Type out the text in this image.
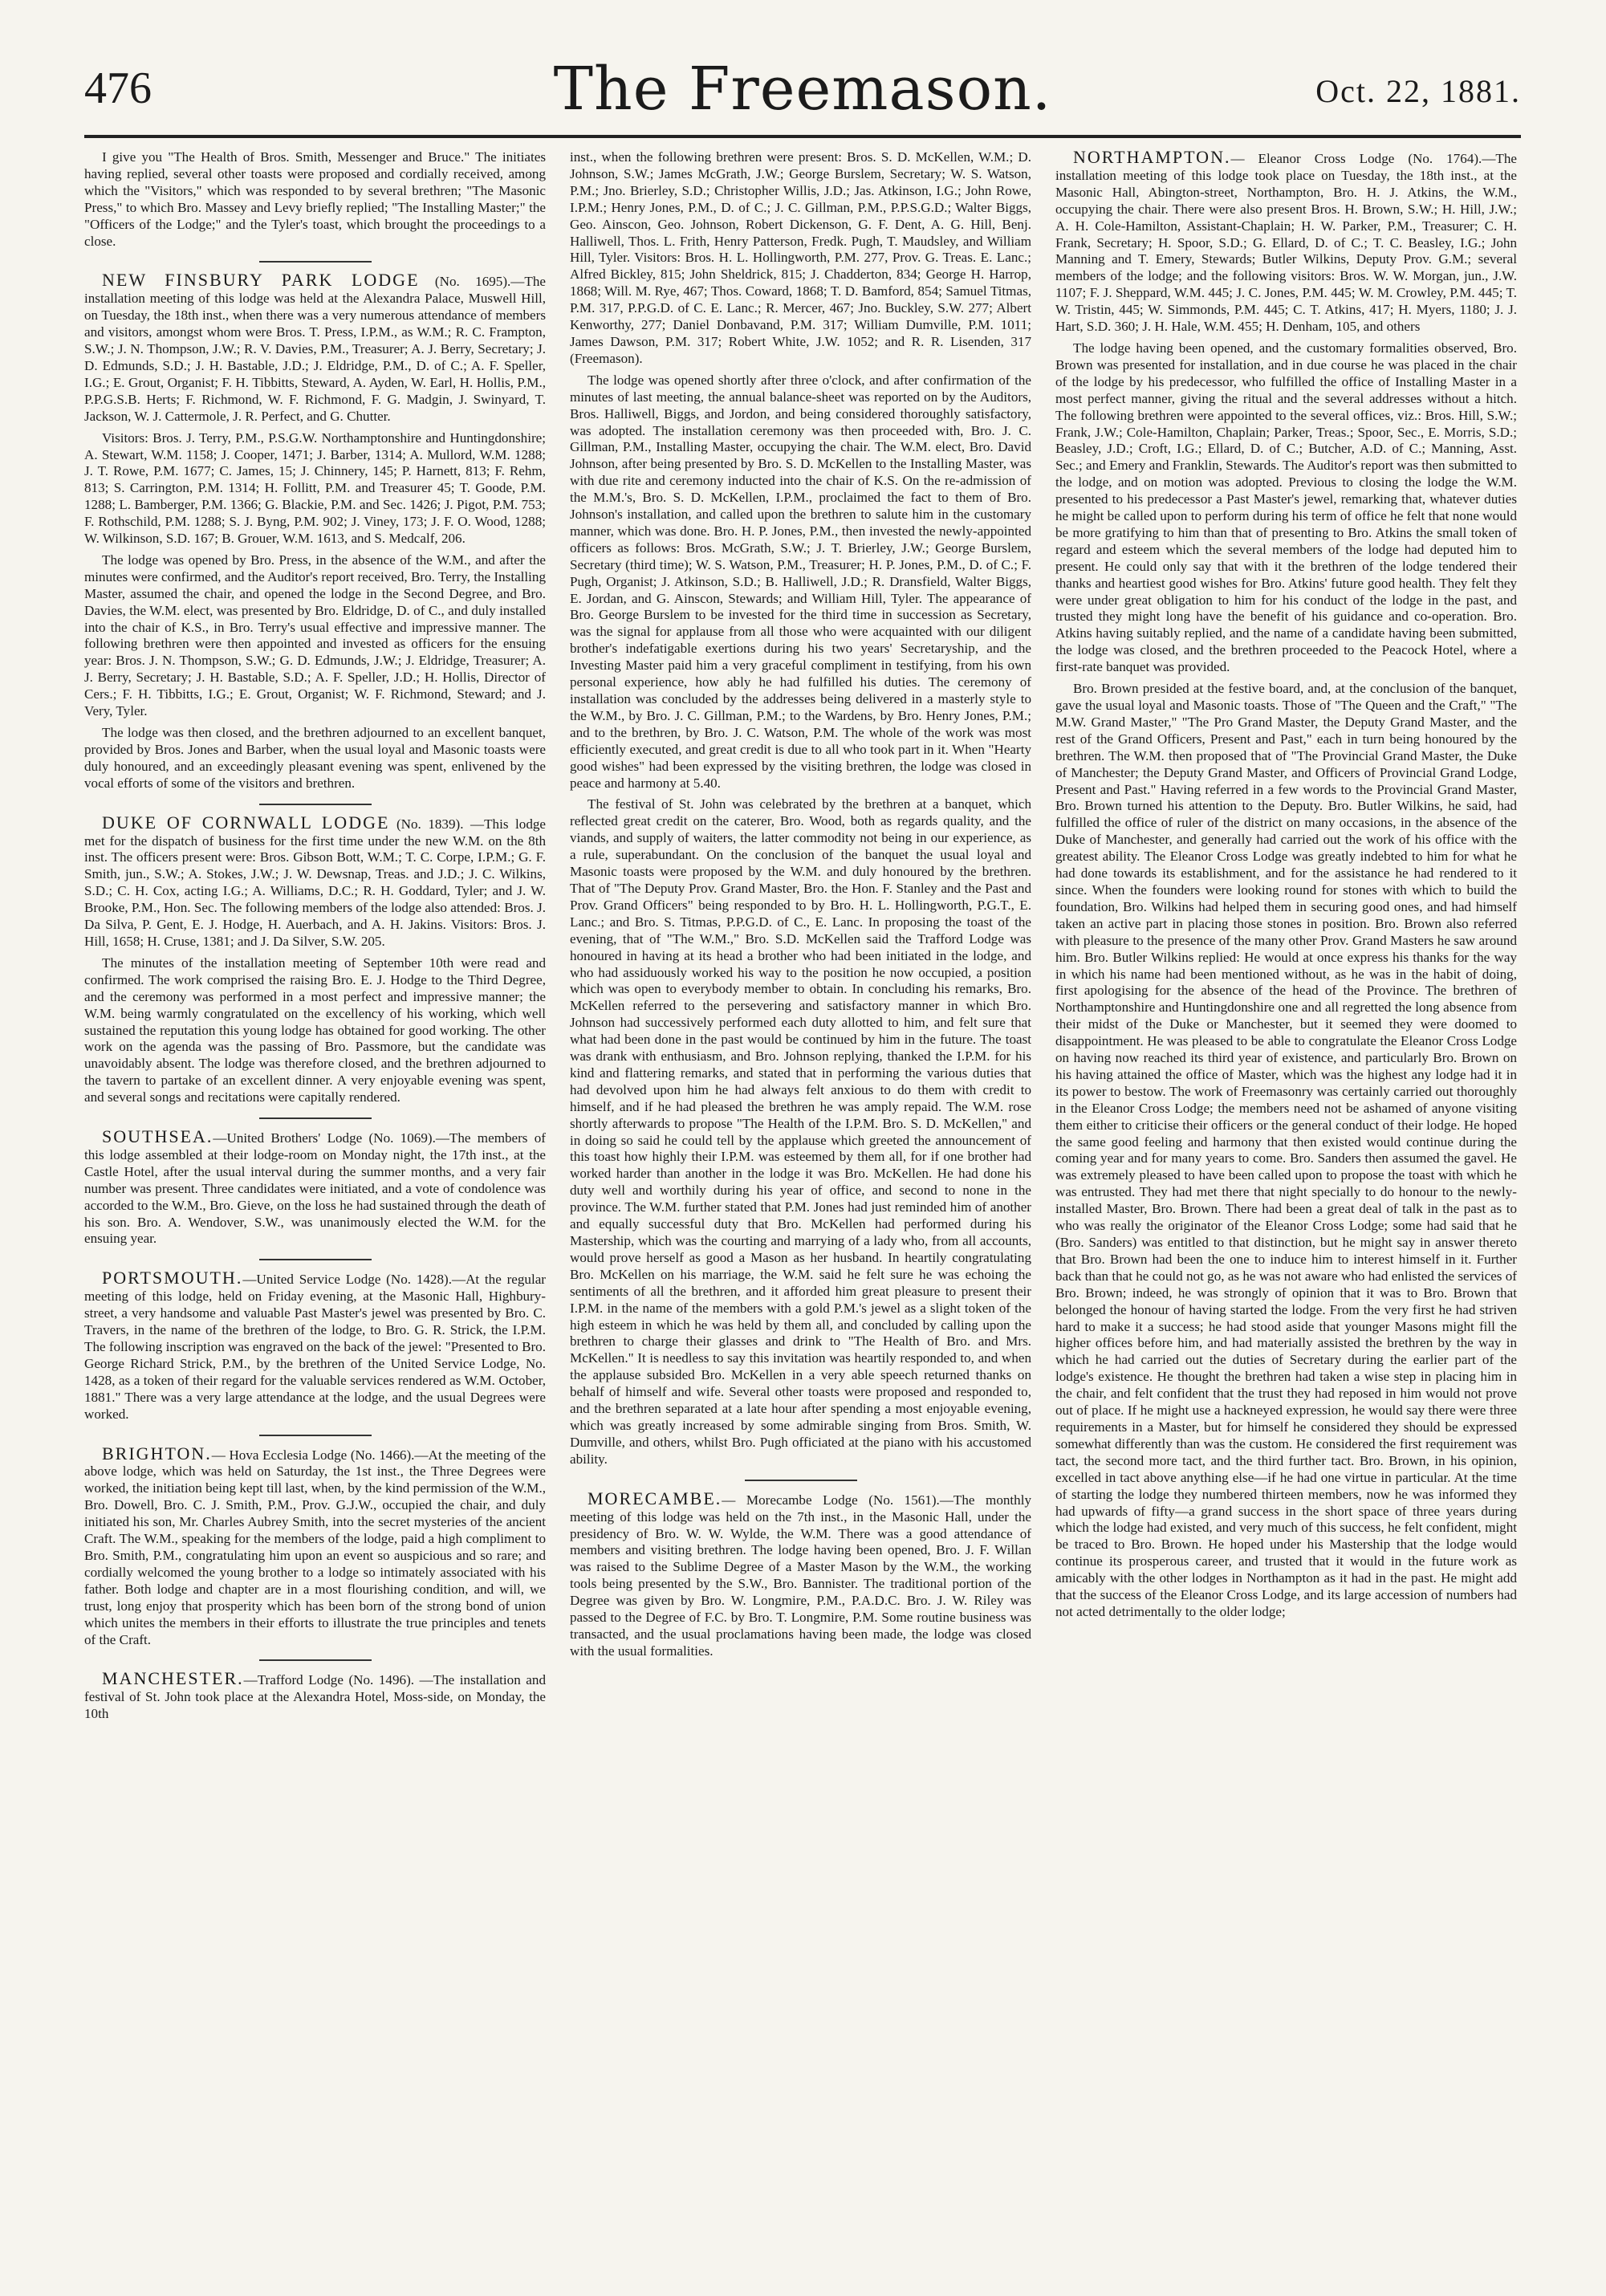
476	The Freemason.	Oct. 22, 1881.

I give you "The Health of Bros. Smith, Messenger and Bruce." The initiates having replied, several other toasts were proposed and cordially received, among which the "Visitors," which was responded to by several brethren; "The Masonic Press," to which Bro. Massey and Levy briefly replied; "The Installing Master;" the "Officers of the Lodge;" and the Tyler's toast, which brought the proceedings to a close.

NEW FINSBURY PARK LODGE (No. 1695).—The installation meeting of this lodge was held at the Alexandra Palace, Muswell Hill, on Tuesday, the 18th inst., when there was a very numerous attendance of members and visitors, amongst whom were Bros. T. Press, I.P.M., as W.M.; R. C. Frampton, S.W.; J. N. Thompson, J.W.; R. V. Davies, P.M., Treasurer; A. J. Berry, Secretary; J. D. Edmunds, S.D.; J. H. Bastable, J.D.; J. Eldridge, P.M., D. of C.; A. F. Speller, I.G.; E. Grout, Organist; F. H. Tibbitts, Steward, A. Ayden, W. Earl, H. Hollis, P.M., P.P.G.S.B. Herts; F. Richmond, W. F. Richmond, F. G. Madgin, J. Swinyard, T. Jackson, W. J. Cattermole, J. R. Perfect, and G. Chutter.

Visitors: Bros. J. Terry, P.M., P.S.G.W. Northamptonshire and Huntingdonshire; A. Stewart, W.M. 1158; J. Cooper, 1471; J. Barber, 1314; A. Mullord, W.M. 1288; J. T. Rowe, P.M. 1677; C. James, 15; J. Chinnery, 145; P. Harnett, 813; F. Rehm, 813; S. Carrington, P.M. 1314; H. Follitt, P.M. and Treasurer 45; T. Goode, P.M. 1288; L. Bamberger, P.M. 1366; G. Blackie, P.M. and Sec. 1426; J. Pigot, P.M. 753; F. Rothschild, P.M. 1288; S. J. Byng, P.M. 902; J. Viney, 173; J. F. O. Wood, 1288; W. Wilkinson, S.D. 167; B. Grouer, W.M. 1613, and S. Medcalf, 206.

The lodge was opened by Bro. Press, in the absence of the W.M., and after the minutes were confirmed, and the Auditor's report received, Bro. Terry, the Installing Master, assumed the chair, and opened the lodge in the Second Degree, and Bro. Davies, the W.M. elect, was presented by Bro. Eldridge, D. of C., and duly installed into the chair of K.S., in Bro. Terry's usual effective and impressive manner. The following brethren were then appointed and invested as officers for the ensuing year: Bros. J. N. Thompson, S.W.; G. D. Edmunds, J.W.; J. Eldridge, Treasurer; A. J. Berry, Secretary; J. H. Bastable, S.D.; A. F. Speller, J.D.; H. Hollis, Director of Cers.; F. H. Tibbitts, I.G.; E. Grout, Organist; W. F. Richmond, Steward; and J. Very, Tyler.

The lodge was then closed, and the brethren adjourned to an excellent banquet, provided by Bros. Jones and Barber, when the usual loyal and Masonic toasts were duly honoured, and an exceedingly pleasant evening was spent, enlivened by the vocal efforts of some of the visitors and brethren.

DUKE OF CORNWALL LODGE (No. 1839). —This lodge met for the dispatch of business for the first time under the new W.M. on the 8th inst. The officers present were: Bros. Gibson Bott, W.M.; T. C. Corpe, I.P.M.; G. F. Smith, jun., S.W.; A. Stokes, J.W.; J. W. Dewsnap, Treas. and J.D.; J. C. Wilkins, S.D.; C. H. Cox, acting I.G.; A. Williams, D.C.; R. H. Goddard, Tyler; and J. W. Brooke, P.M., Hon. Sec. The following members of the lodge also attended: Bros. J. Da Silva, P. Gent, E. J. Hodge, H. Auerbach, and A. H. Jakins. Visitors: Bros. J. Hill, 1658; H. Cruse, 1381; and J. Da Silver, S.W. 205.

The minutes of the installation meeting of September 10th were read and confirmed. The work comprised the raising Bro. E. J. Hodge to the Third Degree, and the ceremony was performed in a most perfect and impressive manner; the W.M. being warmly congratulated on the excellency of his working, which well sustained the reputation this young lodge has obtained for good working. The other work on the agenda was the passing of Bro. Passmore, but the candidate was unavoidably absent. The lodge was therefore closed, and the brethren adjourned to the tavern to partake of an excellent dinner. A very enjoyable evening was spent, and several songs and recitations were capitally rendered.

SOUTHSEA.—United Brothers' Lodge (No. 1069).—The members of this lodge assembled at their lodge-room on Monday night, the 17th inst., at the Castle Hotel, after the usual interval during the summer months, and a very fair number was present. Three candidates were initiated, and a vote of condolence was accorded to the W.M., Bro. Gieve, on the loss he had sustained through the death of his son. Bro. A. Wendover, S.W., was unanimously elected the W.M. for the ensuing year.

PORTSMOUTH.—United Service Lodge (No. 1428).—At the regular meeting of this lodge, held on Friday evening, at the Masonic Hall, Highbury-street, a very handsome and valuable Past Master's jewel was presented by Bro. C. Travers, in the name of the brethren of the lodge, to Bro. G. R. Strick, the I.P.M. The following inscription was engraved on the back of the jewel: "Presented to Bro. George Richard Strick, P.M., by the brethren of the United Service Lodge, No. 1428, as a token of their regard for the valuable services rendered as W.M. October, 1881." There was a very large attendance at the lodge, and the usual Degrees were worked.

BRIGHTON.— Hova Ecclesia Lodge (No. 1466).—At the meeting of the above lodge, which was held on Saturday, the 1st inst., the Three Degrees were worked, the initiation being kept till last, when, by the kind permission of the W.M., Bro. Dowell, Bro. C. J. Smith, P.M., Prov. G.J.W., occupied the chair, and duly initiated his son, Mr. Charles Aubrey Smith, into the secret mysteries of the ancient Craft. The W.M., speaking for the members of the lodge, paid a high compliment to Bro. Smith, P.M., congratulating him upon an event so auspicious and so rare; and cordially welcomed the young brother to a lodge so intimately associated with his father. Both lodge and chapter are in a most flourishing condition, and will, we trust, long enjoy that prosperity which has been born of the strong bond of union which unites the members in their efforts to illustrate the true principles and tenets of the Craft.

MANCHESTER.—Trafford Lodge (No. 1496). —The installation and festival of St. John took place at the Alexandra Hotel, Moss-side, on Monday, the 10th

inst., when the following brethren were present: Bros. S. D. McKellen, W.M.; D. Johnson, S.W.; James McGrath, J.W.; George Burslem, Secretary; W. S. Watson, P.M.; Jno. Brierley, S.D.; Christopher Willis, J.D.; Jas. Atkinson, I.G.; John Rowe, I.P.M.; Henry Jones, P.M., D. of C.; J. C. Gillman, P.M., P.P.S.G.D.; Walter Biggs, Geo. Ainscon, Geo. Johnson, Robert Dickenson, G. F. Dent, A. G. Hill, Benj. Halliwell, Thos. L. Frith, Henry Patterson, Fredk. Pugh, T. Maudsley, and William Hill, Tyler. Visitors: Bros. H. L. Hollingworth, P.M. 277, Prov. G. Treas. E. Lanc.; Alfred Bickley, 815; John Sheldrick, 815; J. Chadderton, 834; George H. Harrop, 1868; Will. M. Rye, 467; Thos. Coward, 1868; T. D. Bamford, 854; Samuel Titmas, P.M. 317, P.P.G.D. of C. E. Lanc.; R. Mercer, 467; Jno. Buckley, S.W. 277; Albert Kenworthy, 277; Daniel Donbavand, P.M. 317; William Dumville, P.M. 1011; James Dawson, P.M. 317; Robert White, J.W. 1052; and R. R. Lisenden, 317 (Freemason).

The lodge was opened shortly after three o'clock, and after confirmation of the minutes of last meeting, the annual balance-sheet was reported on by the Auditors, Bros. Halliwell, Biggs, and Jordon, and being considered thoroughly satisfactory, was adopted. The installation ceremony was then proceeded with, Bro. J. C. Gillman, P.M., Installing Master, occupying the chair. The W.M. elect, Bro. David Johnson, after being presented by Bro. S. D. McKellen to the Installing Master, was with due rite and ceremony inducted into the chair of K.S. On the re-admission of the M.M.'s, Bro. S. D. McKellen, I.P.M., proclaimed the fact to them of Bro. Johnson's installation, and called upon the brethren to salute him in the customary manner, which was done. Bro. H. P. Jones, P.M., then invested the newly-appointed officers as follows: Bros. McGrath, S.W.; J. T. Brierley, J.W.; George Burslem, Secretary (third time); W. S. Watson, P.M., Treasurer; H. P. Jones, P.M., D. of C.; F. Pugh, Organist; J. Atkinson, S.D.; B. Halliwell, J.D.; R. Dransfield, Walter Biggs, E. Jordan, and G. Ainscon, Stewards; and William Hill, Tyler. The appearance of Bro. George Burslem to be invested for the third time in succession as Secretary, was the signal for applause from all those who were acquainted with our diligent brother's indefatigable exertions during his two years' Secretaryship, and the Investing Master paid him a very graceful compliment in testifying, from his own personal experience, how ably he had fulfilled his duties. The ceremony of installation was concluded by the addresses being delivered in a masterly style to the W.M., by Bro. J. C. Gillman, P.M.; to the Wardens, by Bro. Henry Jones, P.M.; and to the brethren, by Bro. J. C. Watson, P.M. The whole of the work was most efficiently executed, and great credit is due to all who took part in it. When "Hearty good wishes" had been expressed by the visiting brethren, the lodge was closed in peace and harmony at 5.40.

The festival of St. John was celebrated by the brethren at a banquet, which reflected great credit on the caterer, Bro. Wood, both as regards quality, and the viands, and supply of waiters, the latter commodity not being in our experience, as a rule, superabundant. On the conclusion of the banquet the usual loyal and Masonic toasts were proposed by the W.M. and duly honoured by the brethren. That of "The Deputy Prov. Grand Master, Bro. the Hon. F. Stanley and the Past and Prov. Grand Officers" being responded to by Bro. H. L. Hollingworth, P.G.T., E. Lanc.; and Bro. S. Titmas, P.P.G.D. of C., E. Lanc. In proposing the toast of the evening, that of "The W.M.," Bro. S.D. McKellen said the Trafford Lodge was honoured in having at its head a brother who had been initiated in the lodge, and who had assiduously worked his way to the position he now occupied, a position which was open to everybody member to obtain. In concluding his remarks, Bro. McKellen referred to the persevering and satisfactory manner in which Bro. Johnson had successively performed each duty allotted to him, and felt sure that what had been done in the past would be continued by him in the future. The toast was drank with enthusiasm, and Bro. Johnson replying, thanked the I.P.M. for his kind and flattering remarks, and stated that in performing the various duties that had devolved upon him he had always felt anxious to do them with credit to himself, and if he had pleased the brethren he was amply repaid. The W.M. rose shortly afterwards to propose "The Health of the I.P.M. Bro. S. D. McKellen," and in doing so said he could tell by the applause which greeted the announcement of this toast how highly their I.P.M. was esteemed by them all, for if one brother had worked harder than another in the lodge it was Bro. McKellen. He had done his duty well and worthily during his year of office, and second to none in the province. The W.M. further stated that P.M. Jones had just reminded him of another and equally successful duty that Bro. McKellen had performed during his Mastership, which was the courting and marrying of a lady who, from all accounts, would prove herself as good a Mason as her husband. In heartily congratulating Bro. McKellen on his marriage, the W.M. said he felt sure he was echoing the sentiments of all the brethren, and it afforded him great pleasure to present their I.P.M. in the name of the members with a gold P.M.'s jewel as a slight token of the high esteem in which he was held by them all, and concluded by calling upon the brethren to charge their glasses and drink to "The Health of Bro. and Mrs. McKellen." It is needless to say this invitation was heartily responded to, and when the applause subsided Bro. McKellen in a very able speech returned thanks on behalf of himself and wife. Several other toasts were proposed and responded to, and the brethren separated at a late hour after spending a most enjoyable evening, which was greatly increased by some admirable singing from Bros. Smith, W. Dumville, and others, whilst Bro. Pugh officiated at the piano with his accustomed ability.

MORECAMBE.— Morecambe Lodge (No. 1561).—The monthly meeting of this lodge was held on the 7th inst., in the Masonic Hall, under the presidency of Bro. W. W. Wylde, the W.M. There was a good attendance of members and visiting brethren. The lodge having been opened, Bro. J. F. Willan was raised to the Sublime Degree of a Master Mason by the W.M., the working tools being presented by the S.W., Bro. Bannister. The traditional portion of the Degree was given by Bro. W. Longmire, P.M., P.A.D.C. Bro. J. W. Riley was passed to the Degree of F.C. by Bro. T. Longmire, P.M. Some routine business was transacted, and the usual proclamations having been made, the lodge was closed with the usual formalities.

NORTHAMPTON.— Eleanor Cross Lodge (No. 1764).—The installation meeting of this lodge took place on Tuesday, the 18th inst., at the Masonic Hall, Abington-street, Northampton, Bro. H. J. Atkins, the W.M., occupying the chair. There were also present Bros. H. Brown, S.W.; H. Hill, J.W.; A. H. Cole-Hamilton, Assistant-Chaplain; H. W. Parker, P.M., Treasurer; C. H. Frank, Secretary; H. Spoor, S.D.; G. Ellard, D. of C.; T. C. Beasley, I.G.; John Manning and T. Emery, Stewards; Butler Wilkins, Deputy Prov. G.M.; several members of the lodge; and the following visitors: Bros. W. W. Morgan, jun., J.W. 1107; F. J. Sheppard, W.M. 445; J. C. Jones, P.M. 445; W. M. Crowley, P.M. 445; T. W. Tristin, 445; W. Simmonds, P.M. 445; C. T. Atkins, 417; H. Myers, 1180; J. J. Hart, S.D. 360; J. H. Hale, W.M. 455; H. Denham, 105, and others

The lodge having been opened, and the customary formalities observed, Bro. Brown was presented for installation, and in due course he was placed in the chair of the lodge by his predecessor, who fulfilled the office of Installing Master in a most perfect manner, giving the ritual and the several addresses without a hitch. The following brethren were appointed to the several offices, viz.: Bros. Hill, S.W.; Frank, J.W.; Cole-Hamilton, Chaplain; Parker, Treas.; Spoor, Sec., E. Morris, S.D.; Beasley, J.D.; Croft, I.G.; Ellard, D. of C.; Butcher, A.D. of C.; Manning, Asst. Sec.; and Emery and Franklin, Stewards. The Auditor's report was then submitted to the lodge, and on motion was adopted. Previous to closing the lodge the W.M. presented to his predecessor a Past Master's jewel, remarking that, whatever duties he might be called upon to perform during his term of office he felt that none would be more gratifying to him than that of presenting to Bro. Atkins the small token of regard and esteem which the several members of the lodge had deputed him to present. He could only say that with it the brethren of the lodge tendered their thanks and heartiest good wishes for Bro. Atkins' future good health. They felt they were under great obligation to him for his conduct of the lodge in the past, and trusted they might long have the benefit of his guidance and co-operation. Bro. Atkins having suitably replied, and the name of a candidate having been submitted, the lodge was closed, and the brethren proceeded to the Peacock Hotel, where a first-rate banquet was provided.

Bro. Brown presided at the festive board, and, at the conclusion of the banquet, gave the usual loyal and Masonic toasts. Those of "The Queen and the Craft," "The M.W. Grand Master," "The Pro Grand Master, the Deputy Grand Master, and the rest of the Grand Officers, Present and Past," each in turn being honoured by the brethren. The W.M. then proposed that of "The Provincial Grand Master, the Duke of Manchester; the Deputy Grand Master, and Officers of Provincial Grand Lodge, Present and Past." Having referred in a few words to the Provincial Grand Master, Bro. Brown turned his attention to the Deputy. Bro. Butler Wilkins, he said, had fulfilled the office of ruler of the district on many occasions, in the absence of the Duke of Manchester, and generally had carried out the work of his office with the greatest ability. The Eleanor Cross Lodge was greatly indebted to him for what he had done towards its establishment, and for the assistance he had rendered to it since. When the founders were looking round for stones with which to build the foundation, Bro. Wilkins had helped them in securing good ones, and had himself taken an active part in placing those stones in position. Bro. Brown also referred with pleasure to the presence of the many other Prov. Grand Masters he saw around him. Bro. Butler Wilkins replied: He would at once express his thanks for the way in which his name had been mentioned without, as he was in the habit of doing, first apologising for the absence of the head of the Province. The brethren of Northamptonshire and Huntingdonshire one and all regretted the long absence from their midst of the Duke or Manchester, but it seemed they were doomed to disappointment. He was pleased to be able to congratulate the Eleanor Cross Lodge on having now reached its third year of existence, and particularly Bro. Brown on his having attained the office of Master, which was the highest any lodge had it in its power to bestow. The work of Freemasonry was certainly carried out thoroughly in the Eleanor Cross Lodge; the members need not be ashamed of anyone visiting them either to criticise their officers or the general conduct of their lodge. He hoped the same good feeling and harmony that then existed would continue during the coming year and for many years to come. Bro. Sanders then assumed the gavel. He was extremely pleased to have been called upon to propose the toast with which he was entrusted. They had met there that night specially to do honour to the newly-installed Master, Bro. Brown. There had been a great deal of talk in the past as to who was really the originator of the Eleanor Cross Lodge; some had said that he (Bro. Sanders) was entitled to that distinction, but he might say in answer thereto that Bro. Brown had been the one to induce him to interest himself in it. Further back than that he could not go, as he was not aware who had enlisted the services of Bro. Brown; indeed, he was strongly of opinion that it was to Bro. Brown that belonged the honour of having started the lodge. From the very first he had striven hard to make it a success; he had stood aside that younger Masons might fill the higher offices before him, and had materially assisted the brethren by the way in which he had carried out the duties of Secretary during the earlier part of the lodge's existence. He thought the brethren had taken a wise step in placing him in the chair, and felt confident that the trust they had reposed in him would not prove out of place. If he might use a hackneyed expression, he would say there were three requirements in a Master, but for himself he considered they should be expressed somewhat differently than was the custom. He considered the first requirement was tact, the second more tact, and the third further tact. Bro. Brown, in his opinion, excelled in tact above anything else—if he had one virtue in particular. At the time of starting the lodge they numbered thirteen members, now he was informed they had upwards of fifty—a grand success in the short space of three years during which the lodge had existed, and very much of this success, he felt confident, might be traced to Bro. Brown. He hoped under his Mastership that the lodge would continue its prosperous career, and trusted that it would in the future work as amicably with the other lodges in Northampton as it had in the past. He might add that the success of the Eleanor Cross Lodge, and its large accession of numbers had not acted detrimentally to the older lodge;
